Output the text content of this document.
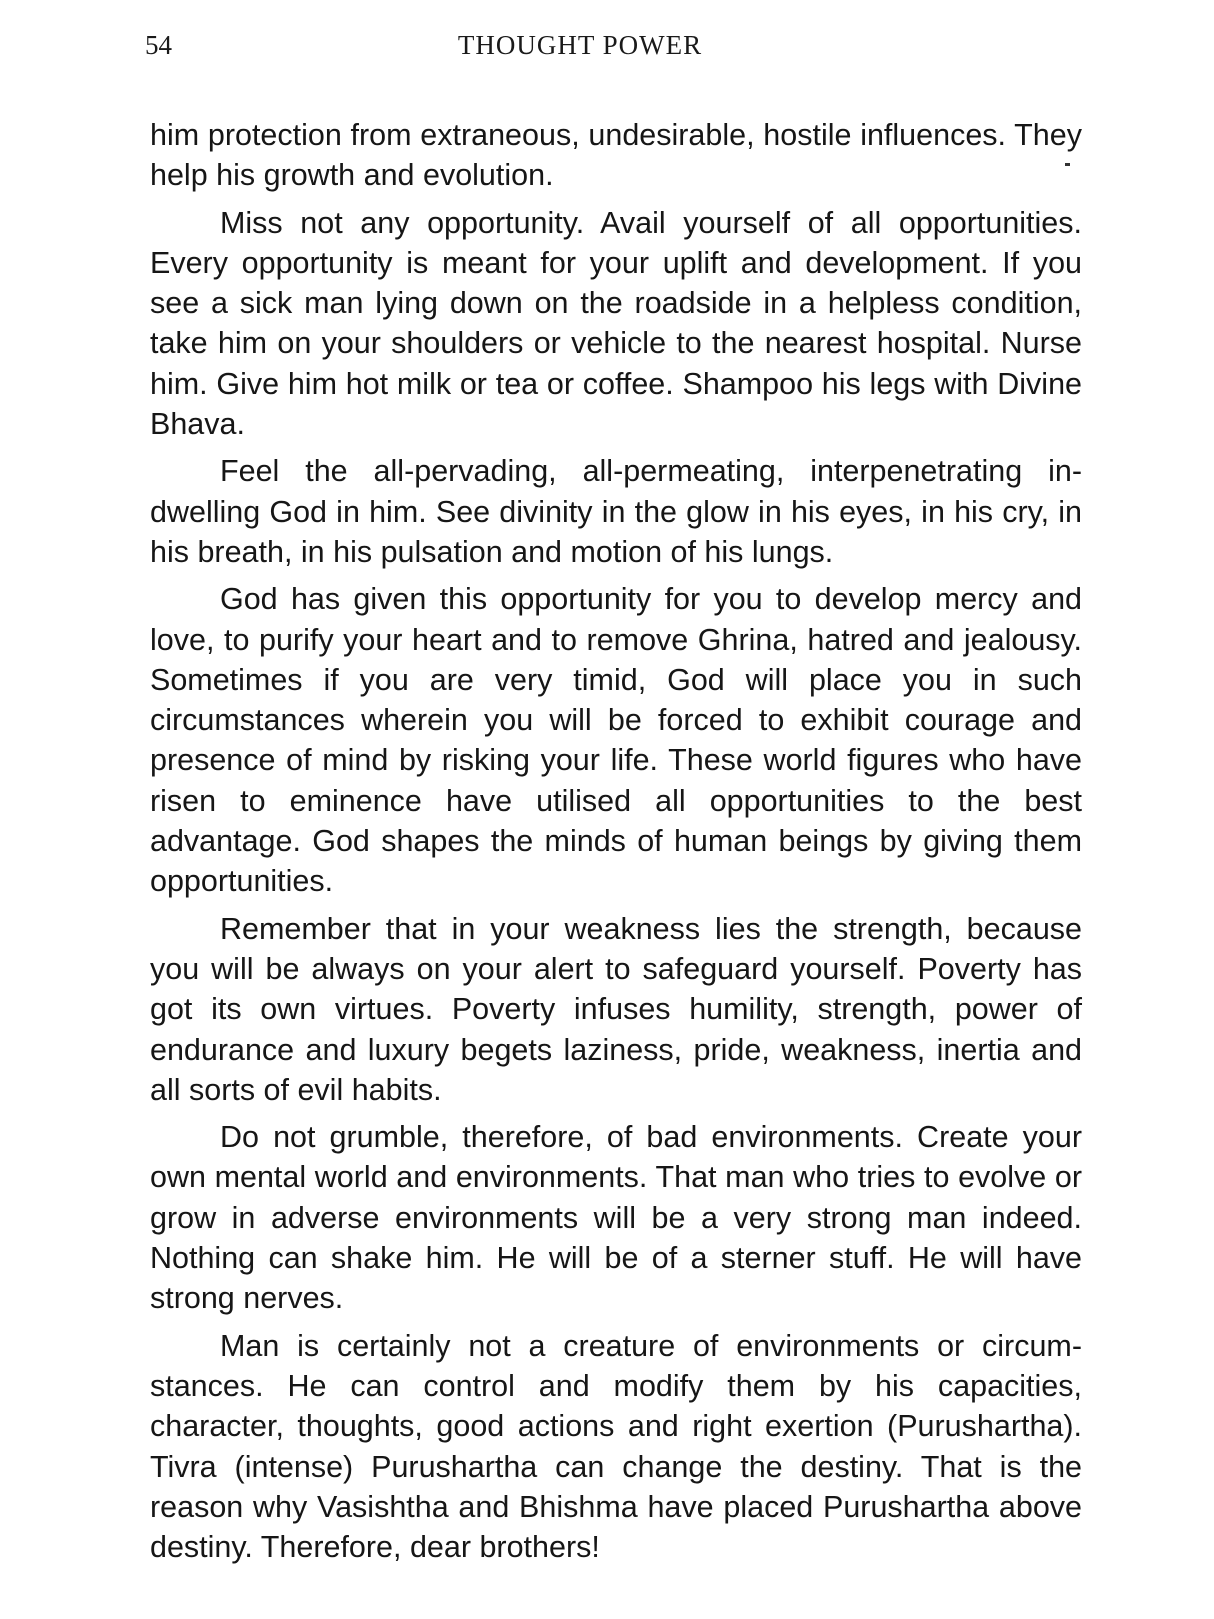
54	THOUGHT POWER

him protection from extraneous, undesirable, hostile influences. They help his growth and evolution.

Miss not any opportunity. Avail yourself of all opportunities. Every opportunity is meant for your uplift and development. If you see a sick man lying down on the roadside in a helpless condition, take him on your shoulders or vehicle to the nearest hospital. Nurse him. Give him hot milk or tea or coffee. Shampoo his legs with Divine Bhava.

Feel the all-pervading, all-permeating, interpenetrating indwelling God in him. See divinity in the glow in his eyes, in his cry, in his breath, in his pulsation and motion of his lungs.

God has given this opportunity for you to develop mercy and love, to purify your heart and to remove Ghrina, hatred and jealousy. Sometimes if you are very timid, God will place you in such circumstances wherein you will be forced to exhibit courage and presence of mind by risking your life. These world figures who have risen to eminence have utilised all opportunities to the best advantage. God shapes the minds of human beings by giving them opportunities.

Remember that in your weakness lies the strength, because you will be always on your alert to safeguard yourself. Poverty has got its own virtues. Poverty infuses humility, strength, power of endurance and luxury begets laziness, pride, weakness, inertia and all sorts of evil habits.

Do not grumble, therefore, of bad environments. Create your own mental world and environments. That man who tries to evolve or grow in adverse environments will be a very strong man indeed. Nothing can shake him. He will be of a sterner stuff. He will have strong nerves.

Man is certainly not a creature of environments or circumstances. He can control and modify them by his capacities, character, thoughts, good actions and right exertion (Purushartha). Tivra (intense) Purushartha can change the destiny. That is the reason why Vasishtha and Bhishma have placed Purushartha above destiny. Therefore, dear brothers!
